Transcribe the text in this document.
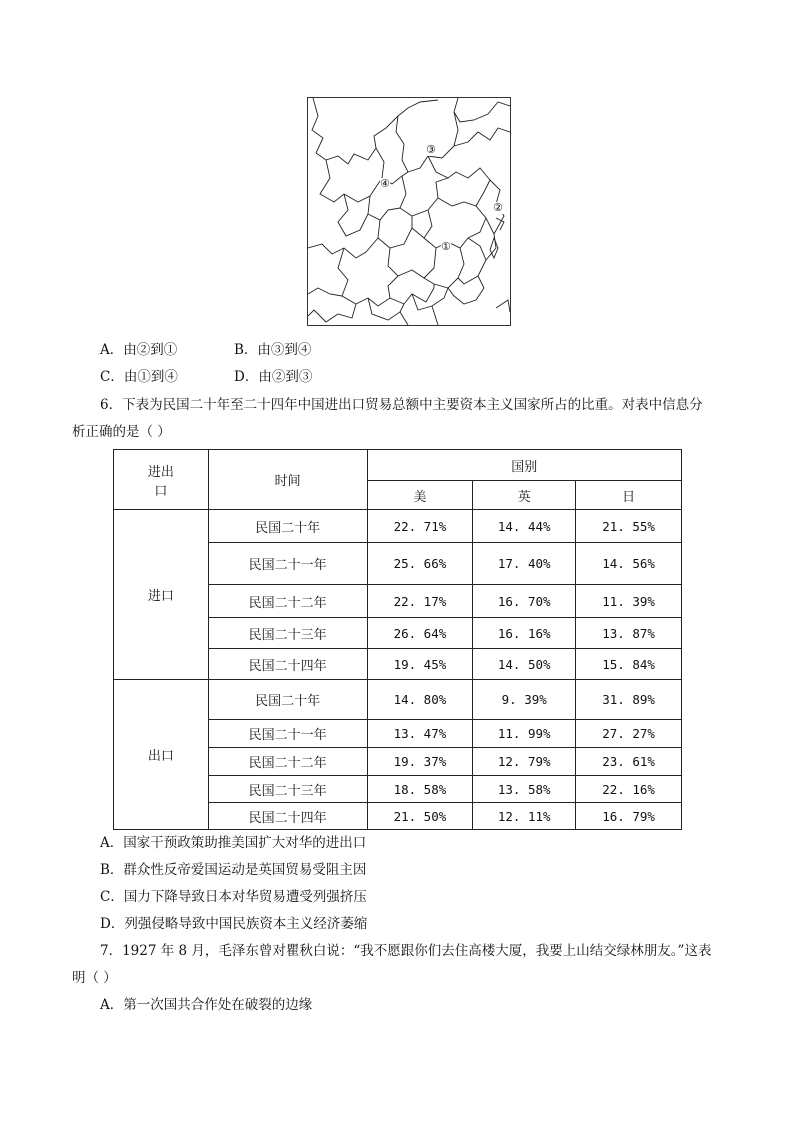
③
④
②
①
A．由②到①	B．由③到④
C．由①到④	D．由②到③
6．下表为民国二十年至二十四年中国进出口贸易总额中主要资本主义国家所占的比重。对表中信息分
析正确的是（ ）
进出
口	时间	国别		
		美	英	日
进口	民国二十年	22. 71%	14. 44%	21. 55%
	民国二十一年	25. 66%	17. 40%	14. 56%
	民国二十二年	22. 17%	16. 70%	11. 39%
	民国二十三年	26. 64%	16. 16%	13. 87%
	民国二十四年	19. 45%	14. 50%	15. 84%
出口	民国二十年	14. 80%	9. 39%	31. 89%
	民国二十一年	13. 47%	11. 99%	27. 27%
	民国二十二年	19. 37%	12. 79%	23. 61%
	民国二十三年	18. 58%	13. 58%	22. 16%
	民国二十四年	21. 50%	12. 11%	16. 79%
A．国家干预政策助推美国扩大对华的进出口
B．群众性反帝爱国运动是英国贸易受阻主因
C．国力下降导致日本对华贸易遭受列强挤压
D．列强侵略导致中国民族资本主义经济萎缩
7．1927 年 8 月，毛泽东曾对瞿秋白说：“我不愿跟你们去住高楼大厦，我要上山结交绿林朋友。”这表
明（ ）
A．第一次国共合作处在破裂的边缘
